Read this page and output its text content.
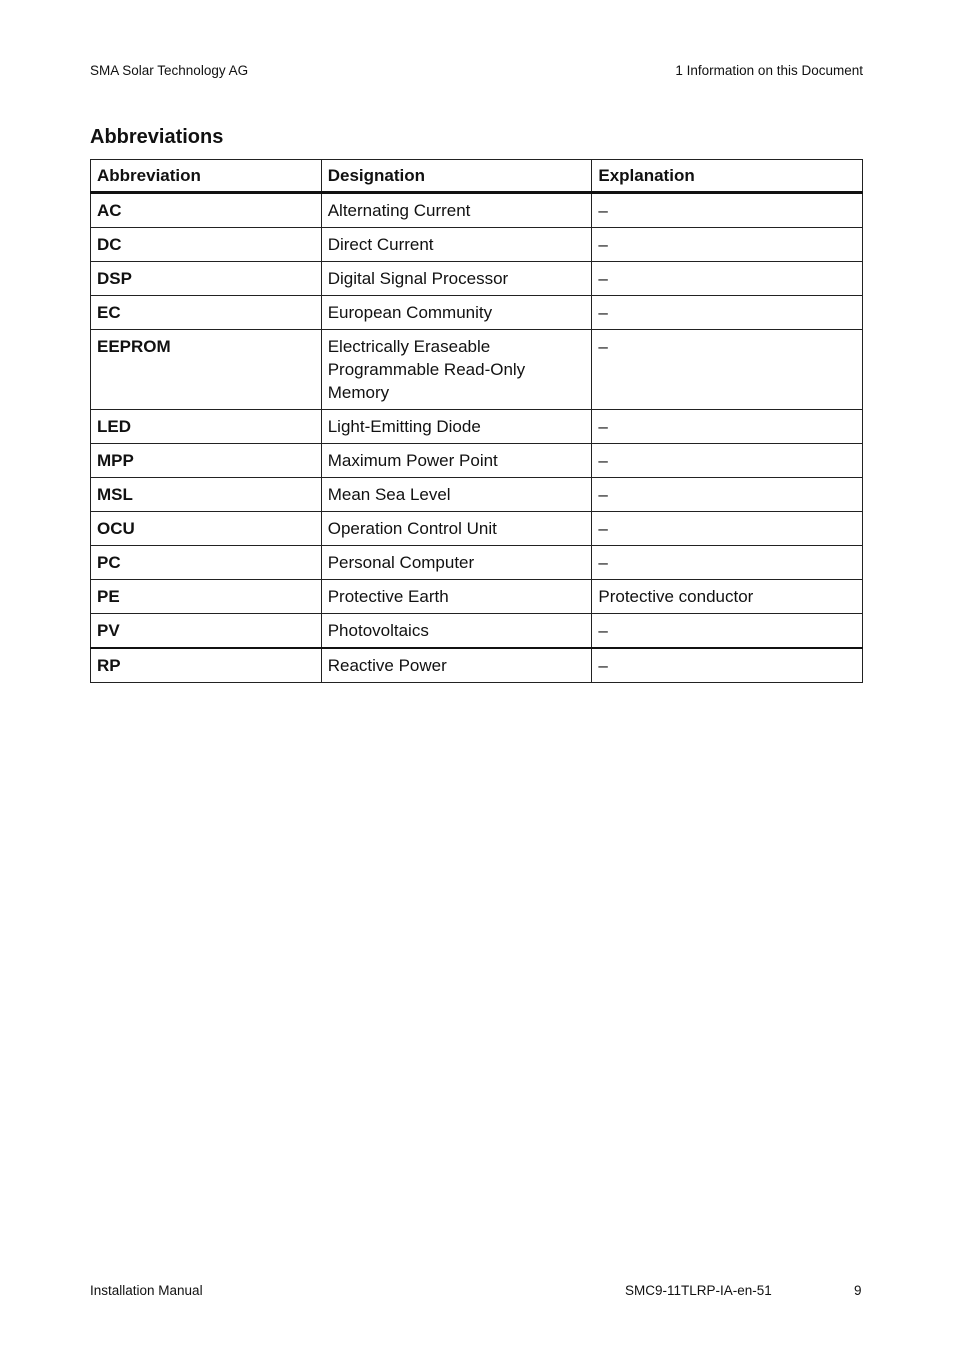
SMA Solar Technology AG	1 Information on this Document
Abbreviations
Abbreviation	Designation	Explanation
AC	Alternating Current	–
DC	Direct Current	–
DSP	Digital Signal Processor	–
EC	European Community	–
EEPROM	Electrically Eraseable Programmable Read-Only Memory	–
LED	Light-Emitting Diode	–
MPP	Maximum Power Point	–
MSL	Mean Sea Level	–
OCU	Operation Control Unit	–
PC	Personal Computer	–
PE	Protective Earth	Protective conductor
PV	Photovoltaics	–
RP	Reactive Power	–
Installation Manual	SMC9-11TLRP-IA-en-51	9
